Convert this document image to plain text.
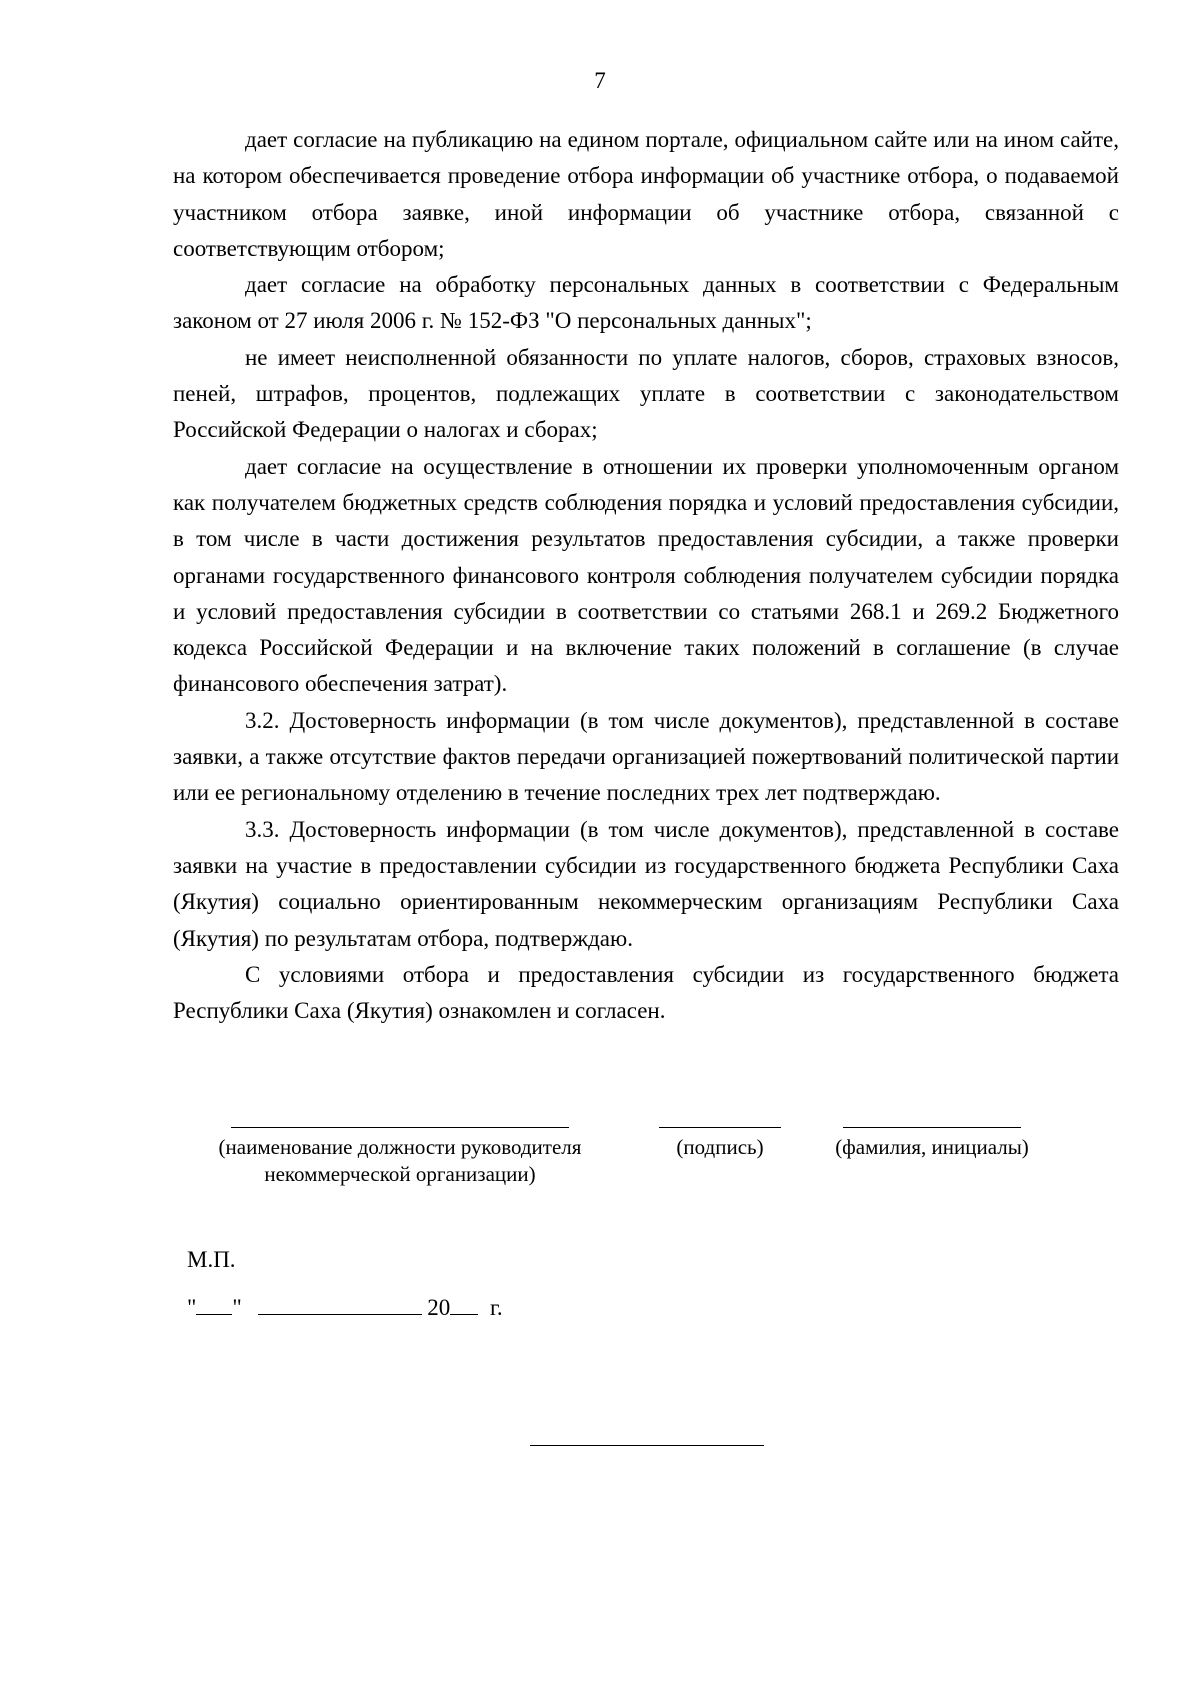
7

дает согласие на публикацию на едином портале, официальном сайте или на ином сайте, на котором обеспечивается проведение отбора информации об участнике отбора, о подаваемой участником отбора заявке, иной информации об участнике отбора, связанной с соответствующим отбором;

дает согласие на обработку персональных данных в соответствии с Федеральным законом от 27 июля 2006 г. № 152-ФЗ "О персональных данных";

не имеет неисполненной обязанности по уплате налогов, сборов, страховых взносов, пеней, штрафов, процентов, подлежащих уплате в соответствии с законодательством Российской Федерации о налогах и сборах;

дает согласие на осуществление в отношении их проверки уполномоченным органом как получателем бюджетных средств соблюдения порядка и условий предоставления субсидии, в том числе в части достижения результатов предоставления субсидии, а также проверки органами государственного финансового контроля соблюдения получателем субсидии порядка и условий предоставления субсидии в соответствии со статьями 268.1 и 269.2 Бюджетного кодекса Российской Федерации и на включение таких положений в соглашение (в случае финансового обеспечения затрат).

3.2. Достоверность информации (в том числе документов), представленной в составе заявки, а также отсутствие фактов передачи организацией пожертвований политической партии или ее региональному отделению в течение последних трех лет подтверждаю.

3.3. Достоверность информации (в том числе документов), представленной в составе заявки на участие в предоставлении субсидии из государственного бюджета Республики Саха (Якутия) социально ориентированным некоммерческим организациям Республики Саха (Якутия) по результатам отбора, подтверждаю.

С условиями отбора и предоставления субсидии из государственного бюджета Республики Саха (Якутия) ознакомлен и согласен.

(наименование должности руководителя
некоммерческой организации)
(подпись)	(фамилия, инициалы)
М.П.
" "	20 г.
